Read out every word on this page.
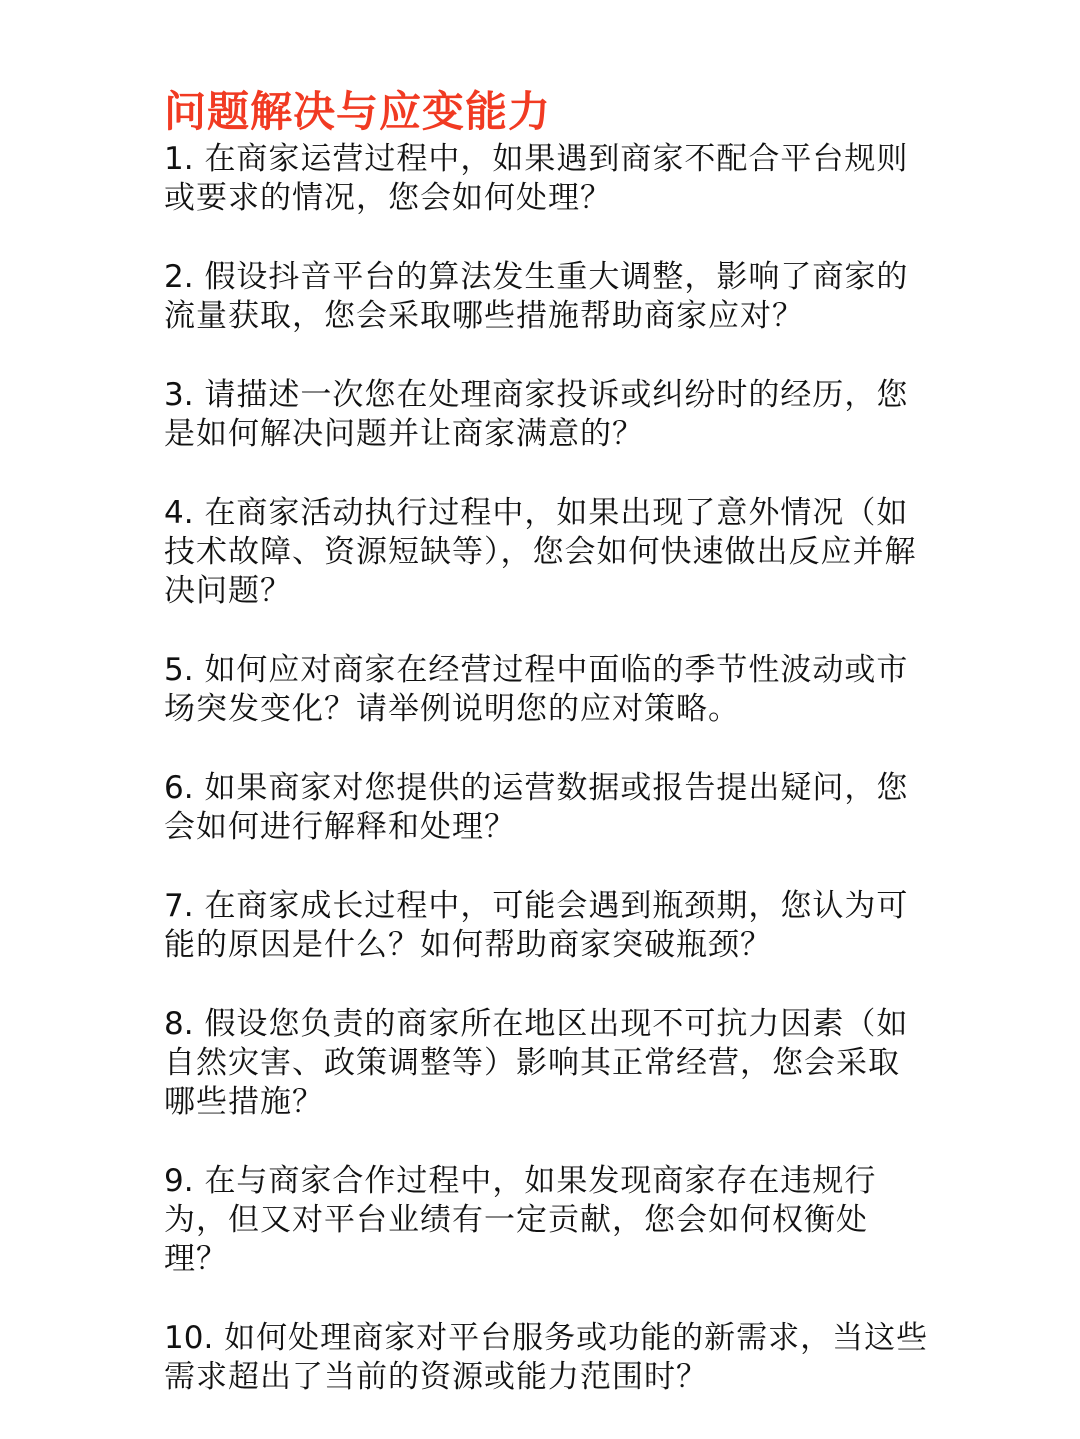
问题解决与应变能力
1. 在商家运营过程中，如果遇到商家不配合平台规则或要求的情况，您会如何处理？
2. 假设抖音平台的算法发生重大调整，影响了商家的流量获取，您会采取哪些措施帮助商家应对？
3. 请描述一次您在处理商家投诉或纠纷时的经历，您是如何解决问题并让商家满意的？
4. 在商家活动执行过程中，如果出现了意外情况（如技术故障、资源短缺等），您会如何快速做出反应并解决问题？
5. 如何应对商家在经营过程中面临的季节性波动或市场突发变化？请举例说明您的应对策略。
6. 如果商家对您提供的运营数据或报告提出疑问，您会如何进行解释和处理？
7. 在商家成长过程中，可能会遇到瓶颈期，您认为可能的原因是什么？如何帮助商家突破瓶颈？
8. 假设您负责的商家所在地区出现不可抗力因素（如自然灾害、政策调整等）影响其正常经营，您会采取哪些措施？
9. 在与商家合作过程中，如果发现商家存在违规行为，但又对平台业绩有一定贡献，您会如何权衡处理？
10. 如何处理商家对平台服务或功能的新需求，当这些需求超出了当前的资源或能力范围时？
